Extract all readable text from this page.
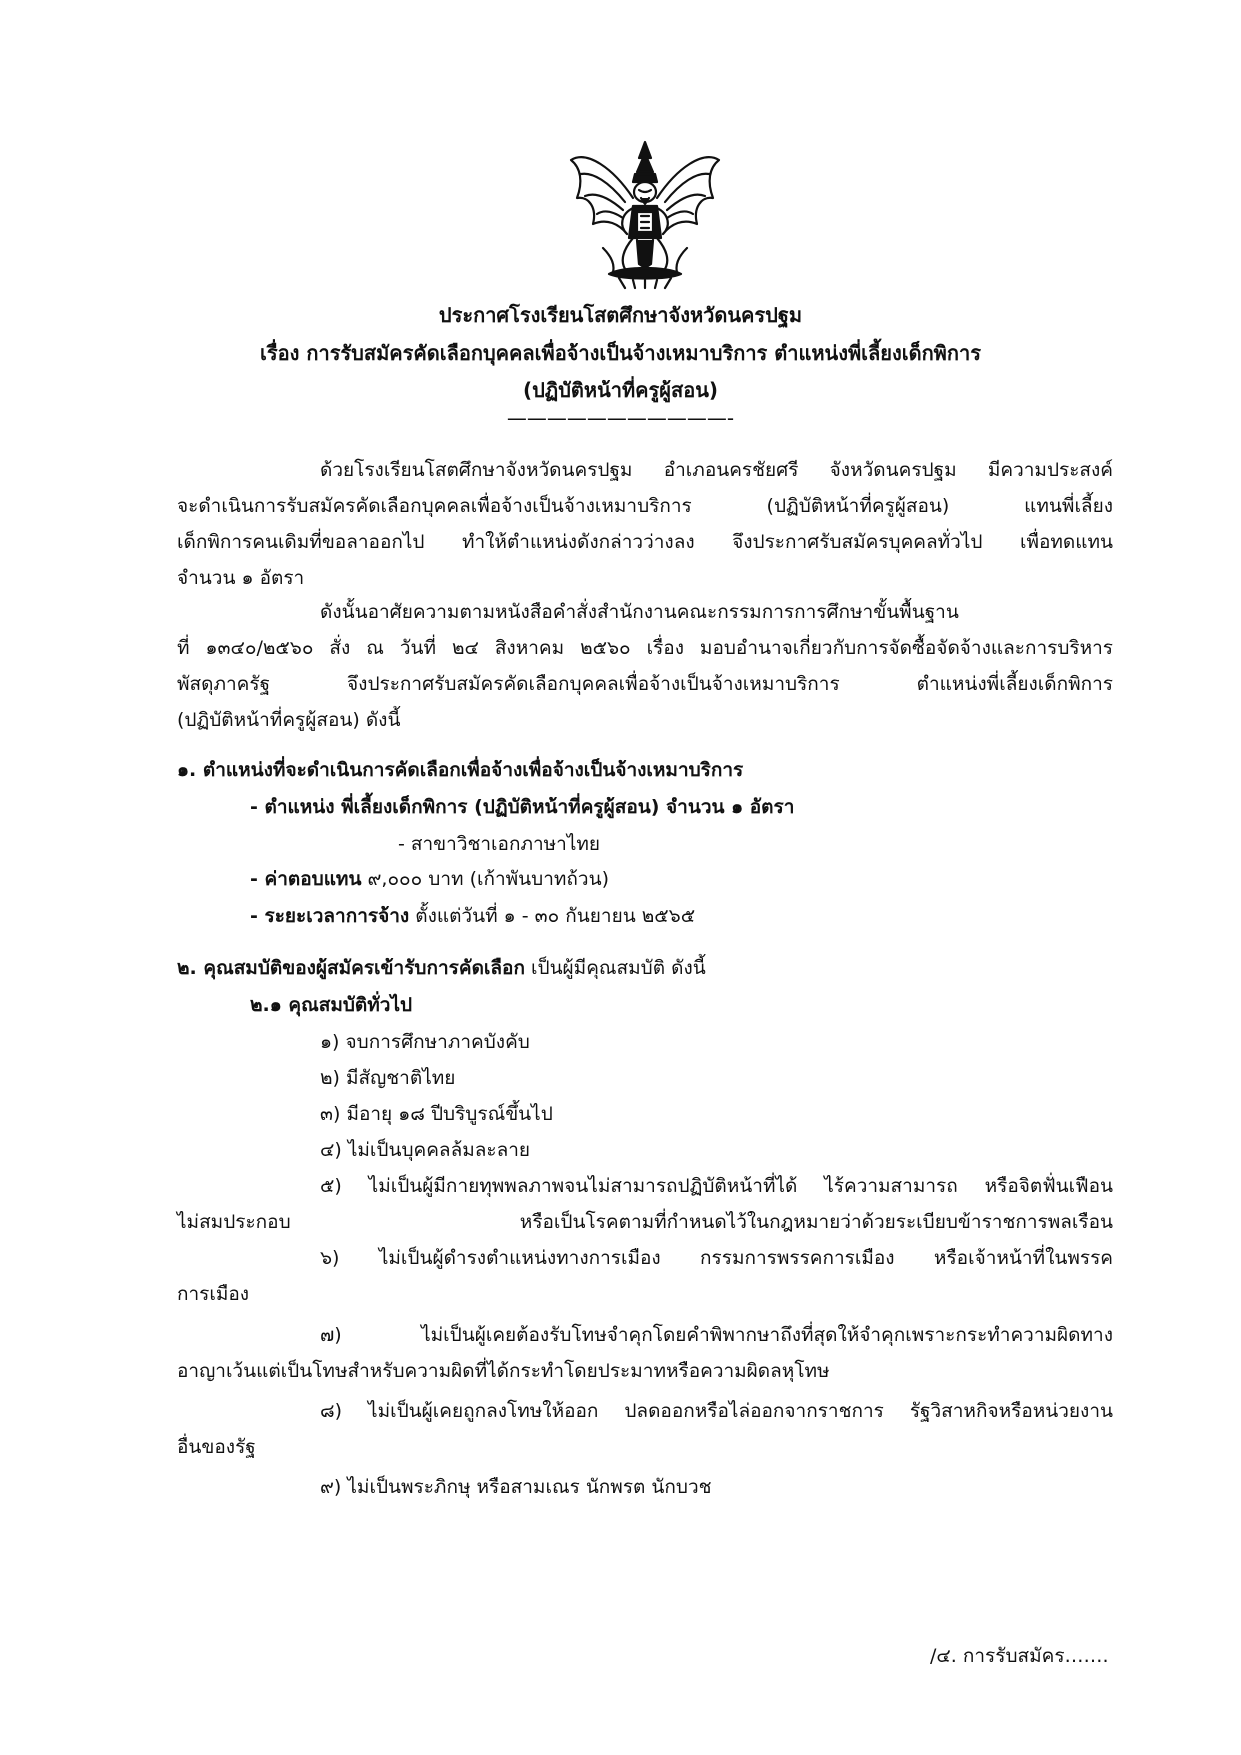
ประกาศโรงเรียนโสตศึกษาจังหวัดนครปฐม
เรื่อง การรับสมัครคัดเลือกบุคคลเพื่อจ้างเป็นจ้างเหมาบริการ ตำแหน่งพี่เลี้ยงเด็กพิการ
(ปฏิบัติหน้าที่ครูผู้สอน)
———————————-
ด้วยโรงเรียนโสตศึกษาจังหวัดนครปฐม อำเภอนครชัยศรี จังหวัดนครปฐม มีความประสงค์
จะดำเนินการรับสมัครคัดเลือกบุคคลเพื่อจ้างเป็นจ้างเหมาบริการ (ปฏิบัติหน้าที่ครูผู้สอน) แทนพี่เลี้ยง
เด็กพิการคนเดิมที่ขอลาออกไป ทำให้ตำแหน่งดังกล่าวว่างลง จึงประกาศรับสมัครบุคคลทั่วไป เพื่อทดแทน
จำนวน ๑ อัตรา
ดังนั้นอาศัยความตามหนังสือคำสั่งสำนักงานคณะกรรมการการศึกษาขั้นพื้นฐาน
ที่ ๑๓๔๐/๒๕๖๐ สั่ง ณ วันที่ ๒๔ สิงหาคม ๒๕๖๐ เรื่อง มอบอำนาจเกี่ยวกับการจัดซื้อจัดจ้างและการบริหาร
พัสดุภาครัฐ จึงประกาศรับสมัครคัดเลือกบุคคลเพื่อจ้างเป็นจ้างเหมาบริการ ตำแหน่งพี่เลี้ยงเด็กพิการ
(ปฏิบัติหน้าที่ครูผู้สอน) ดังนี้
๑. ตำแหน่งที่จะดำเนินการคัดเลือกเพื่อจ้างเพื่อจ้างเป็นจ้างเหมาบริการ
- ตำแหน่ง พี่เลี้ยงเด็กพิการ (ปฏิบัติหน้าที่ครูผู้สอน) จำนวน ๑ อัตรา
- สาขาวิชาเอกภาษาไทย
- ค่าตอบแทน ๙,๐๐๐ บาท (เก้าพันบาทถ้วน)
- ระยะเวลาการจ้าง ตั้งแต่วันที่ ๑ - ๓๐ กันยายน ๒๕๖๕
๒. คุณสมบัติของผู้สมัครเข้ารับการคัดเลือก เป็นผู้มีคุณสมบัติ ดังนี้
๒.๑ คุณสมบัติทั่วไป
๑) จบการศึกษาภาคบังคับ
๒) มีสัญชาติไทย
๓) มีอายุ ๑๘ ปีบริบูรณ์ขึ้นไป
๔) ไม่เป็นบุคคลล้มละลาย
๕) ไม่เป็นผู้มีกายทุพพลภาพจนไม่สามารถปฏิบัติหน้าที่ได้ ไร้ความสามารถ หรือจิตฟั่นเฟือน
ไม่สมประกอบ หรือเป็นโรคตามที่กำหนดไว้ในกฎหมายว่าด้วยระเบียบข้าราชการพลเรือน
๖) ไม่เป็นผู้ดำรงตำแหน่งทางการเมือง กรรมการพรรคการเมือง หรือเจ้าหน้าที่ในพรรค
การเมือง
๗) ไม่เป็นผู้เคยต้องรับโทษจำคุกโดยคำพิพากษาถึงที่สุดให้จำคุกเพราะกระทำความผิดทาง
อาญาเว้นแต่เป็นโทษสำหรับความผิดที่ได้กระทำโดยประมาทหรือความผิดลหุโทษ
๘) ไม่เป็นผู้เคยถูกลงโทษให้ออก ปลดออกหรือไล่ออกจากราชการ รัฐวิสาหกิจหรือหน่วยงาน
อื่นของรัฐ
๙) ไม่เป็นพระภิกษุ หรือสามเณร นักพรต นักบวช
/๔. การรับสมัคร…….
